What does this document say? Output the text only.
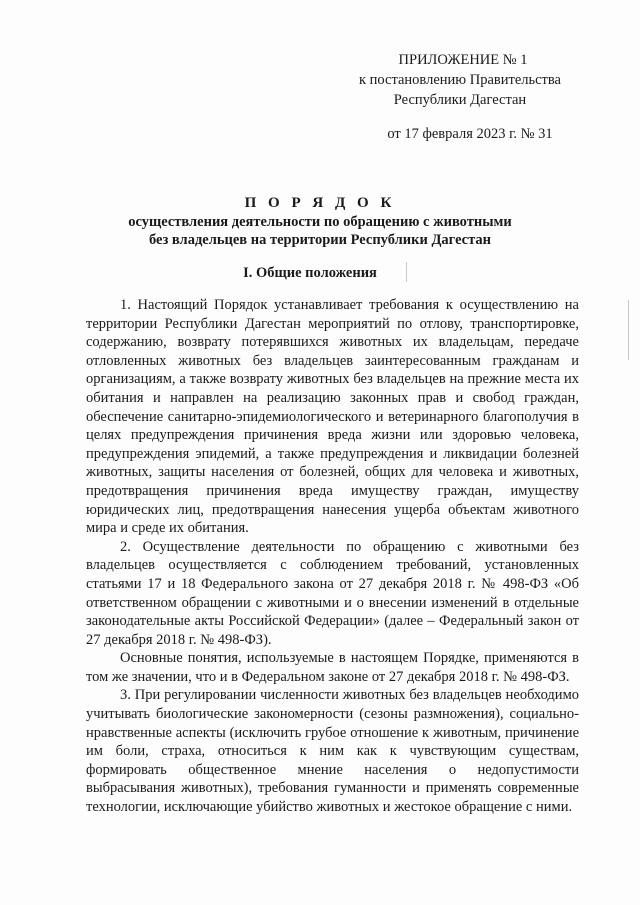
ПРИЛОЖЕНИЕ № 1
к постановлению Правительства
Республики Дагестан
от 17 февраля 2023 г. № 31
П О Р Я Д О К
осуществления деятельности по обращению с животными
без владельцев на территории Республики Дагестан
I. Общие положения

1. Настоящий Порядок устанавливает требования к осуществлению на территории Республики Дагестан мероприятий по отлову, транспортировке, содержанию, возврату потерявшихся животных их владельцам, передаче отловленных животных без владельцев заинтересованным гражданам и организациям, а также возврату животных без владельцев на прежние места их обитания и направлен на реализацию законных прав и свобод граждан, обеспечение санитарно-эпидемиологического и ветеринарного благополучия в целях предупреждения причинения вреда жизни или здоровью человека, предупреждения эпидемий, а также предупреждения и ликвидации болезней животных, защиты населения от болезней, общих для человека и животных, предотвращения причинения вреда имуществу граждан, имуществу юридических лиц, предотвращения нанесения ущерба объектам животного мира и среде их обитания.

2. Осуществление деятельности по обращению с животными без владельцев осуществляется с соблюдением требований, установленных статьями 17 и 18 Федерального закона от 27 декабря 2018 г. № 498-ФЗ «Об ответственном обращении с животными и о внесении изменений в отдельные законодательные акты Российской Федерации» (далее – Федеральный закон от 27 декабря 2018 г. № 498-ФЗ).

Основные понятия, используемые в настоящем Порядке, применяются в том же значении, что и в Федеральном законе от 27 декабря 2018 г. № 498-ФЗ.

3. При регулировании численности животных без владельцев необходимо учитывать биологические закономерности (сезоны размножения), социально-нравственные аспекты (исключить грубое отношение к животным, причинение им боли, страха, относиться к ним как к чувствующим существам, формировать общественное мнение населения о недопустимости выбрасывания животных), требования гуманности и применять современные технологии, исключающие убийство животных и жестокое обращение с ними.
